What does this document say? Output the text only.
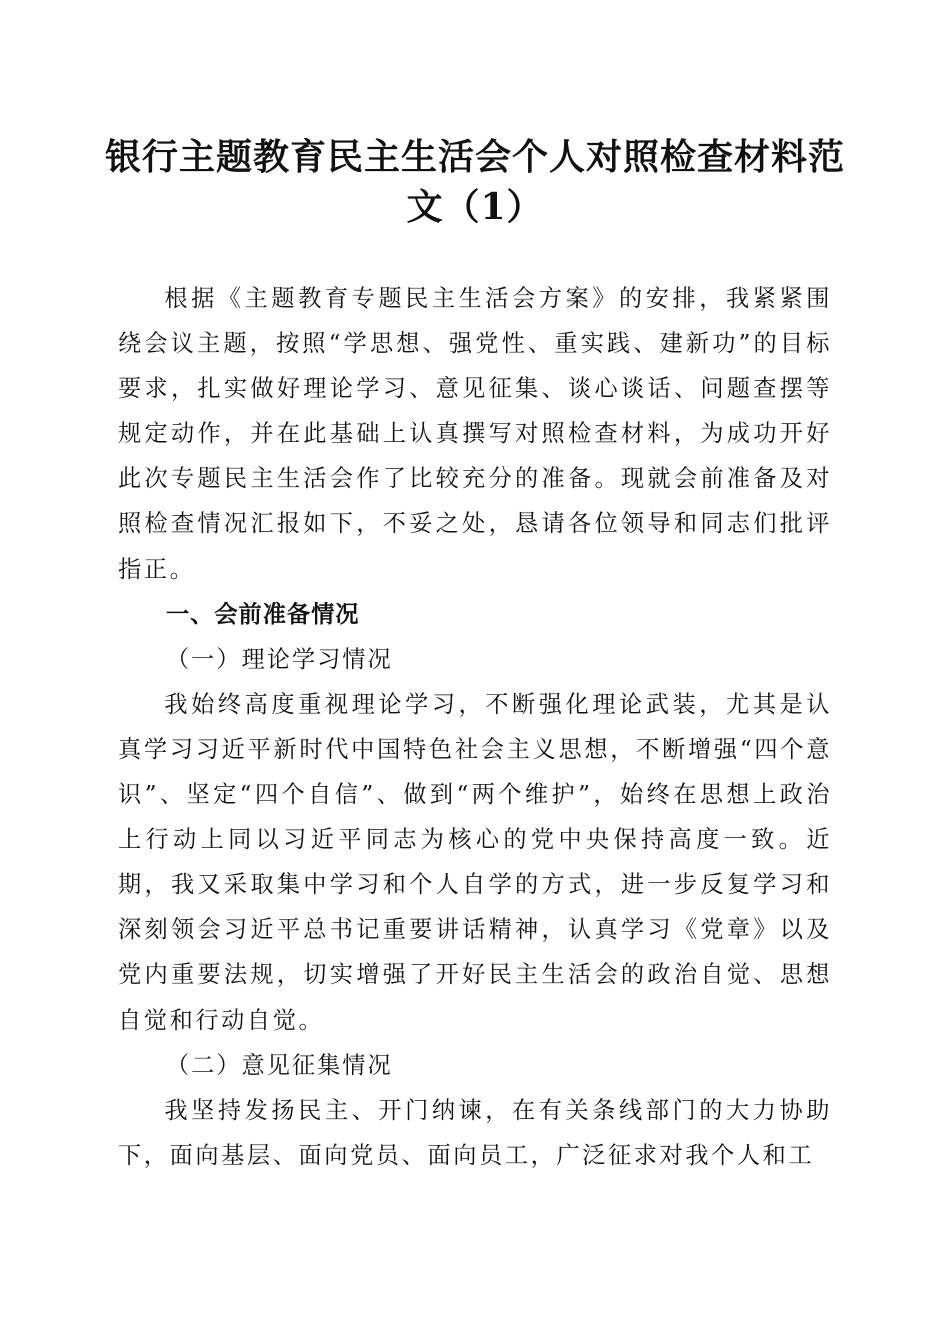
银行主题教育民主生活会个人对照检查材料范
文（1）

根据《主题教育专题民主生活会方案》的安排，我紧紧围绕会议主题，按照“学思想、强党性、重实践、建新功”的目标要求，扎实做好理论学习、意见征集、谈心谈话、问题查摆等规定动作，并在此基础上认真撰写对照检查材料，为成功开好此次专题民主生活会作了比较充分的准备。现就会前准备及对照检查情况汇报如下，不妥之处，恳请各位领导和同志们批评指正。

一、会前准备情况

（一）理论学习情况

我始终高度重视理论学习，不断强化理论武装，尤其是认真学习习近平新时代中国特色社会主义思想，不断增强“四个意识”、坚定“四个自信”、做到“两个维护”，始终在思想上政治上行动上同以习近平同志为核心的党中央保持高度一致。近期，我又采取集中学习和个人自学的方式，进一步反复学习和深刻领会习近平总书记重要讲话精神，认真学习《党章》以及党内重要法规，切实增强了开好民主生活会的政治自觉、思想自觉和行动自觉。

（二）意见征集情况

我坚持发扬民主、开门纳谏，在有关条线部门的大力协助下，面向基层、面向党员、面向员工，广泛征求对我个人和工
